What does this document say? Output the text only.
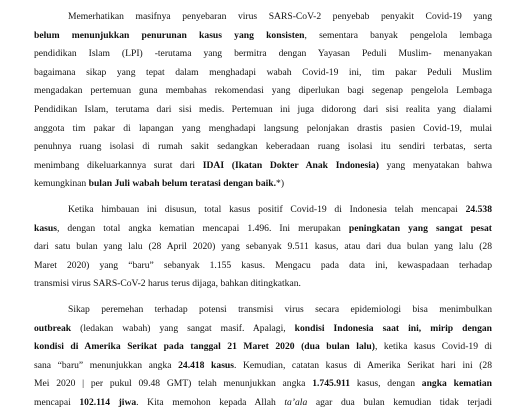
Memerhatikan masifnya penyebaran virus SARS-CoV-2 penyebab penyakit Covid-19 yang
belum menunjukkan penurunan kasus yang konsisten, sementara banyak pengelola lembaga
pendidikan Islam (LPI) -terutama yang bermitra dengan Yayasan Peduli Muslim- menanyakan
bagaimana sikap yang tepat dalam menghadapi wabah Covid-19 ini, tim pakar Peduli Muslim
mengadakan pertemuan guna membahas rekomendasi yang diperlukan bagi segenap pengelola Lembaga
Pendidikan Islam, terutama dari sisi medis. Pertemuan ini juga didorong dari sisi realita yang dialami
anggota tim pakar di lapangan yang menghadapi langsung pelonjakan drastis pasien Covid-19, mulai
penuhnya ruang isolasi di rumah sakit sedangkan keberadaan ruang isolasi itu sendiri terbatas, serta
menimbang dikeluarkannya surat dari IDAI (Ikatan Dokter Anak Indonesia) yang menyatakan bahwa
kemungkinan bulan Juli wabah belum teratasi dengan baik.*)
Ketika himbauan ini disusun, total kasus positif Covid-19 di Indonesia telah mencapai 24.538
kasus, dengan total angka kematian mencapai 1.496. Ini merupakan peningkatan yang sangat pesat
dari satu bulan yang lalu (28 April 2020) yang sebanyak 9.511 kasus, atau dari dua bulan yang lalu (28
Maret 2020) yang “baru” sebanyak 1.155 kasus. Mengacu pada data ini, kewaspadaan terhadap
transmisi virus SARS-CoV-2 harus terus dijaga, bahkan ditingkatkan.
Sikap peremehan terhadap potensi transmisi virus secara epidemiologi bisa menimbulkan
outbreak (ledakan wabah) yang sangat masif. Apalagi, kondisi Indonesia saat ini, mirip dengan
kondisi di Amerika Serikat pada tanggal 21 Maret 2020 (dua bulan lalu), ketika kasus Covid-19 di
sana “baru” menunjukkan angka 24.418 kasus. Kemudian, catatan kasus di Amerika Serikat hari ini (28
Mei 2020 | per pukul 09.48 GMT) telah menunjukkan angka 1.745.911 kasus, dengan angka kematian
mencapai 102.114 jiwa. Kita memohon kepada Allah ta’ala agar dua bulan kemudian tidak terjadi
